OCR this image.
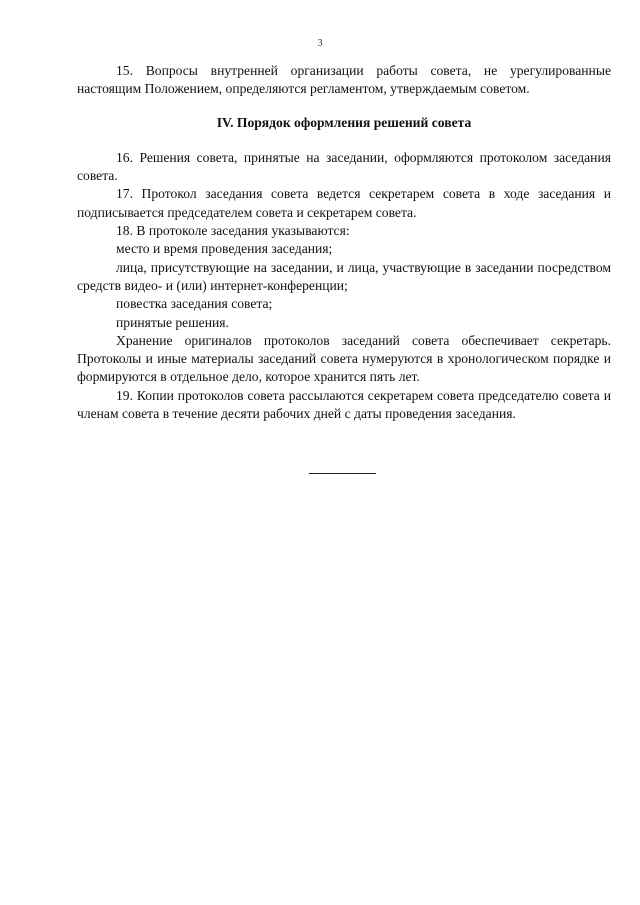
3

15. Вопросы внутренней организации работы совета, не урегулированные настоящим Положением, определяются регламентом, утверждаемым советом.

IV. Порядок оформления решений совета

16. Решения совета, принятые на заседании, оформляются протоколом заседания совета.

17. Протокол заседания совета ведется секретарем совета в ходе заседания и подписывается председателем совета и секретарем совета.

18. В протоколе заседания указываются:

место и время проведения заседания;

лица, присутствующие на заседании, и лица, участвующие в заседании посредством средств видео- и (или) интернет-конференции;

повестка заседания совета;

принятые решения.

Хранение оригиналов протоколов заседаний совета обеспечивает секретарь. Протоколы и иные материалы заседаний совета нумеруются в хронологическом порядке и формируются в отдельное дело, которое хранится пять лет.

19. Копии протоколов совета рассылаются секретарем совета председателю совета и членам совета в течение десяти рабочих дней с даты проведения заседания.
